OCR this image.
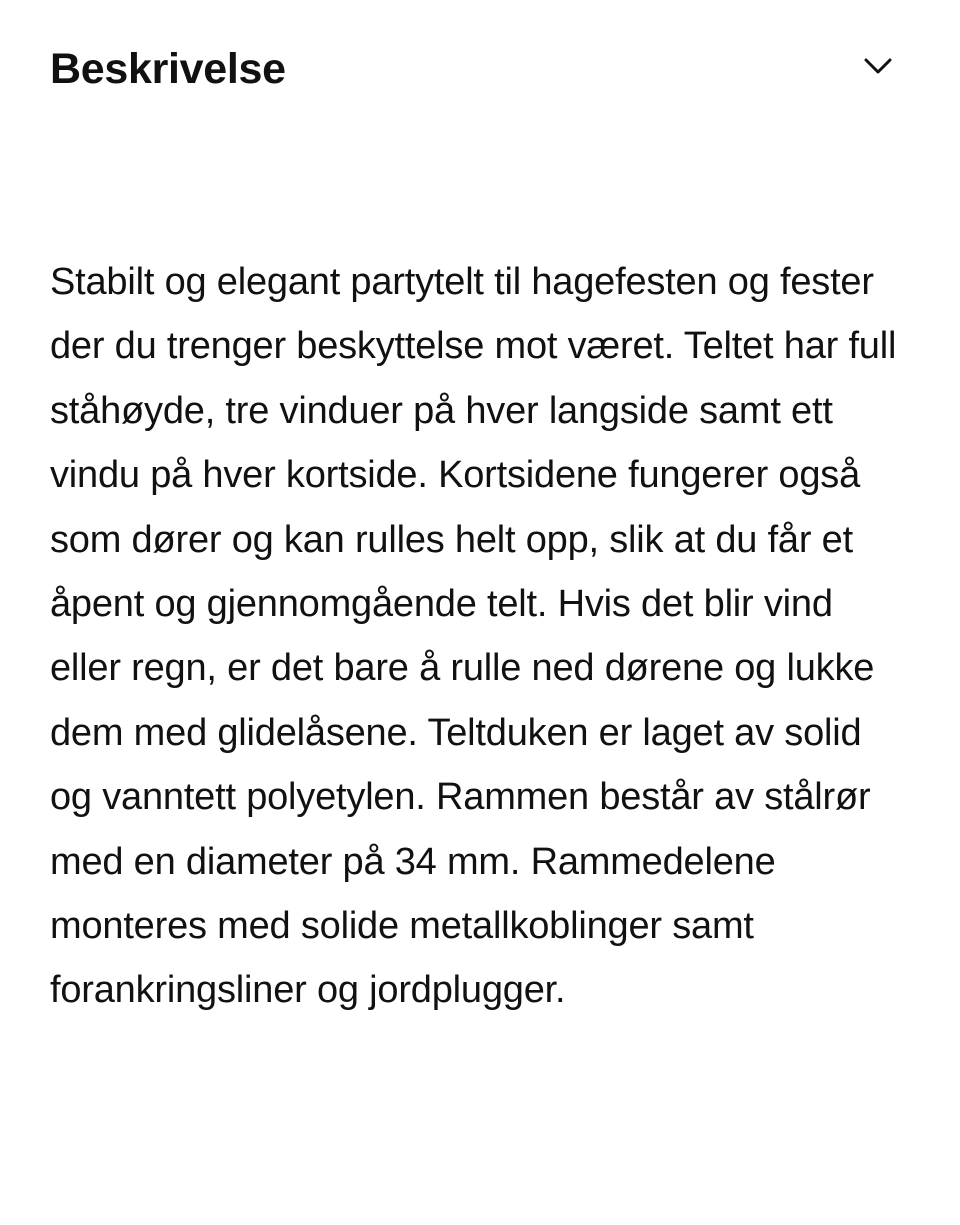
Beskrivelse

Stabilt og elegant partytelt til hagefesten og fester der du trenger beskyttelse mot været. Teltet har full ståhøyde, tre vinduer på hver langside samt ett vindu på hver kortside. Kortsidene fungerer også som dører og kan rulles helt opp, slik at du får et åpent og gjennomgående telt. Hvis det blir vind eller regn, er det bare å rulle ned dørene og lukke dem med glidelåsene. Teltduken er laget av solid og vanntett polyetylen. Rammen består av stålrør med en diameter på 34 mm. Rammedelene monteres med solide metallkoblinger samt forankringsliner og jordplugger.
